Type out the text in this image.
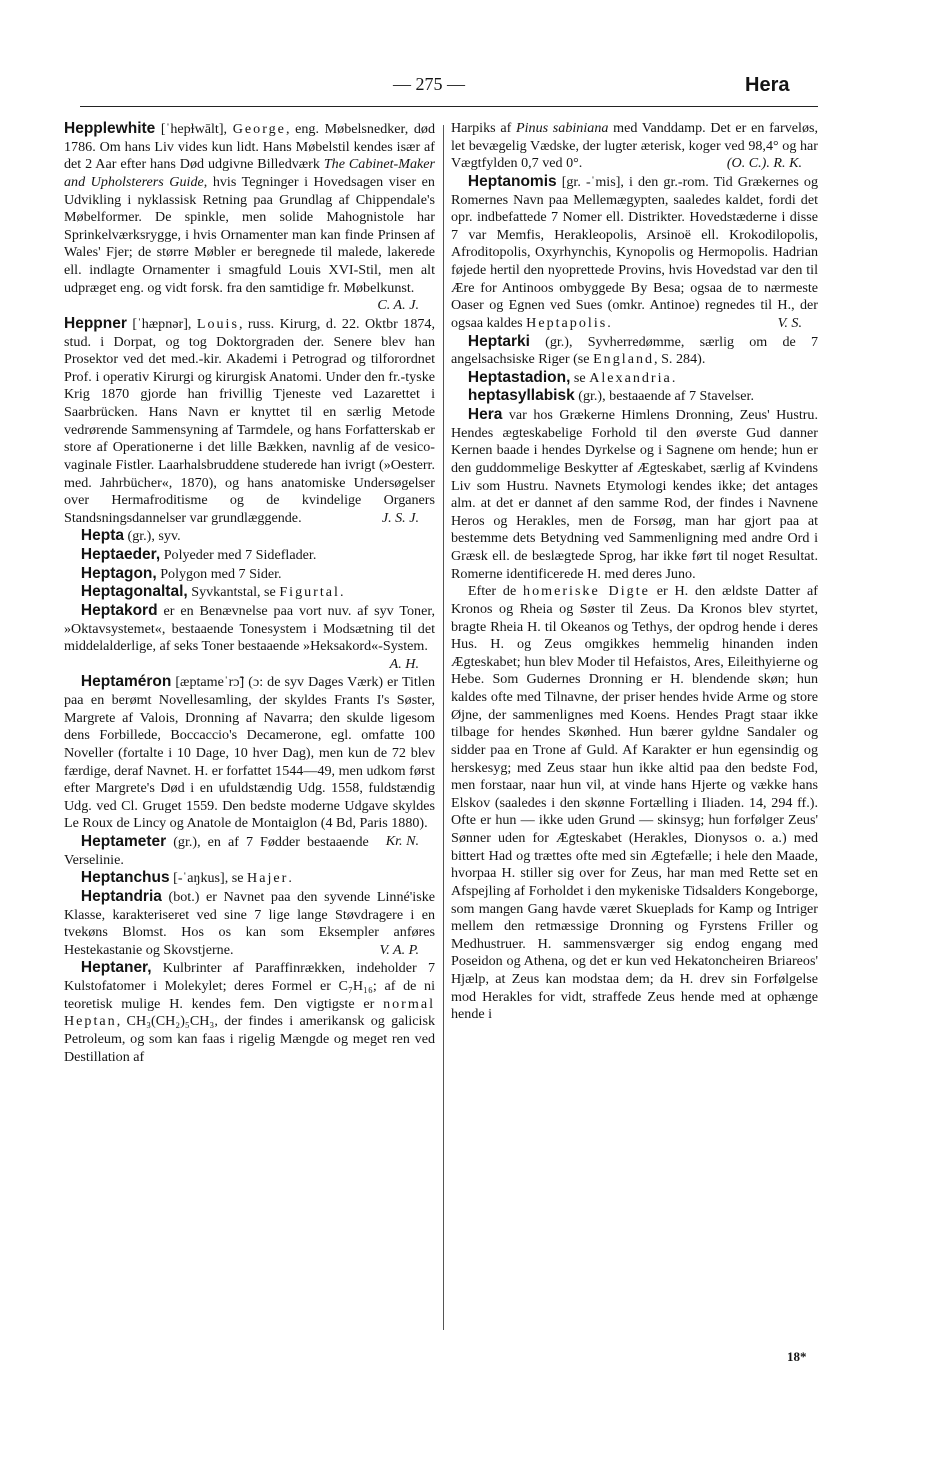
— 275 —	Hera

Hepplewhite [ˈhepɫwālt], George, eng. Møbelsnedker, død 1786. Om hans Liv vides kun lidt. Hans Møbelstil kendes især af det 2 Aar efter hans Død udgivne Billedværk The Cabinet-Maker and Upholsterers Guide, hvis Tegninger i Hovedsagen viser en Udvikling i nyklassisk Retning paa Grundlag af Chippendale's Møbelformer. De spinkle, men solide Mahognistole har Sprinkelværksrygge, i hvis Ornamenter man kan finde Prinsen af Wales' Fjer; de større Møbler er beregnede til malede, lakerede ell. indlagte Ornamenter i smagfuld Louis XVI-Stil, men alt udpræget eng. og vidt forsk. fra den samtidige fr. Møbelkunst.
C. A. J.

Heppner [ˈhæpnər], Louis, russ. Kirurg, d. 22. Oktbr 1874, stud. i Dorpat, og tog Doktorgraden der. Senere blev han Prosektor ved det med.-kir. Akademi i Petrograd og tilforordnet Prof. i operativ Kirurgi og kirurgisk Anatomi. Under den fr.-tyske Krig 1870 gjorde han frivillig Tjeneste ved Lazarettet i Saarbrücken. Hans Navn er knyttet til en særlig Metode vedrørende Sammensyning af Tarmdele, og hans Forfatterskab er store af Operationerne i det lille Bækken, navnlig af de vesico-vaginale Fistler. Laarhalsbruddene studerede han ivrigt (»Oesterr. med. Jahrbücher«, 1870), og hans anatomiske Undersøgelser over Hermafroditisme og de kvindelige Organers Standsningsdannelser var grundlæggende.	J. S. J.

Hepta (gr.), syv.

Heptaeder, Polyeder med 7 Sideflader.

Heptagon, Polygon med 7 Sider.

Heptagonaltal, Syvkantstal, se Figurtal.

Heptakord er en Benævnelse paa vort nuv. af syv Toner, »Oktavsystemet«, bestaaende Tonesystem i Modsætning til det middelalderlige, af seks Toner bestaaende »Heksakord«-System.
A. H.

Heptaméron [æptameˈrɔ̃] (ɔ: de syv Dages Værk) er Titlen paa en berømt Novellesamling, der skyldes Frants I's Søster, Margrete af Valois, Dronning af Navarra; den skulde ligesom dens Forbillede, Boccaccio's Decamerone, egl. omfatte 100 Noveller (fortalte i 10 Dage, 10 hver Dag), men kun de 72 blev færdige, deraf Navnet. H. er forfattet 1544—49, men udkom først efter Margrete's Død i en ufuldstændig Udg. 1558, fuldstændig Udg. ved Cl. Gruget 1559. Den bedste moderne Udgave skyldes Le Roux de Lincy og Anatole de Montaiglon (4 Bd, Paris 1880).
Kr. N.

Heptameter (gr.), en af 7 Fødder bestaaende Verselinie.

Heptanchus [-ˈaŋkus], se Hajer.

Heptandria (bot.) er Navnet paa den syvende Linné'iske Klasse, karakteriseret ved sine 7 lige lange Støvdragere i en tvekøns Blomst. Hos os kan som Eksempler anføres Hestekastanie og Skovstjerne.	V. A. P.

Heptaner, Kulbrinter af Paraffinrækken, indeholder 7 Kulstofatomer i Molekylet; deres Formel er C₇H₁₆; af de ni teoretisk mulige H. kendes fem. Den vigtigste er normal Heptan, CH₃(CH₂)₅CH₃, der findes i amerikansk og galicisk Petroleum, og som kan faas i rigelig Mængde og meget ren ved Destillation af

Harpiks af Pinus sabiniana med Vanddamp. Det er en farveløs, let bevægelig Vædske, der lugter æterisk, koger ved 98,4° og har Vægtfylden 0,7 ved 0°.	(O. C.). R. K.

Heptanomis [gr. -ˈmis], i den gr.-rom. Tid Grækernes og Romernes Navn paa Mellemægypten, saaledes kaldet, fordi det opr. indbefattede 7 Nomer ell. Distrikter. Hovedstæderne i disse 7 var Memfis, Herakleopolis, Arsinoë ell. Krokodilopolis, Afroditopolis, Oxyrhynchis, Kynopolis og Hermopolis. Hadrian føjede hertil den nyoprettede Provins, hvis Hovedstad var den til Ære for Antinoos ombyggede By Besa; ogsaa de to nærmeste Oaser og Egnen ved Sues (omkr. Antinoe) regnedes til H., der ogsaa kaldes Heptapolis.	V. S.

Heptarki (gr.), Syvherredømme, særlig om de 7 angelsachsiske Riger (se England, S. 284).

Heptastadion, se Alexandria.

heptasyllabisk (gr.), bestaaende af 7 Stavelser.

Hera var hos Grækerne Himlens Dronning, Zeus' Hustru. Hendes ægteskabelige Forhold til den øverste Gud danner Kernen baade i hendes Dyrkelse og i Sagnene om hende; hun er den guddommelige Beskytter af Ægteskabet, særlig af Kvindens Liv som Hustru. Navnets Etymologi kendes ikke; det antages alm. at det er dannet af den samme Rod, der findes i Navnene Heros og Herakles, men de Forsøg, man har gjort paa at bestemme dets Betydning ved Sammenligning med andre Ord i Græsk ell. de beslægtede Sprog, har ikke ført til noget Resultat. Romerne identificerede H. med deres Juno.

Efter de homeriske Digte er H. den ældste Datter af Kronos og Rheia og Søster til Zeus. Da Kronos blev styrtet, bragte Rheia H. til Okeanos og Tethys, der opdrog hende i deres Hus. H. og Zeus omgikkes hemmelig hinanden inden Ægteskabet; hun blev Moder til Hefaistos, Ares, Eileithyierne og Hebe. Som Gudernes Dronning er H. blendende skøn; hun kaldes ofte med Tilnavne, der priser hendes hvide Arme og store Øjne, der sammenlignes med Koens. Hendes Pragt staar ikke tilbage for hendes Skønhed. Hun bærer gyldne Sandaler og sidder paa en Trone af Guld. Af Karakter er hun egensindig og herskesyg; med Zeus staar hun ikke altid paa den bedste Fod, men forstaar, naar hun vil, at vinde hans Hjerte og vække hans Elskov (saaledes i den skønne Fortælling i Iliaden. 14, 294 ff.). Ofte er hun — ikke uden Grund — skinsyg; hun forfølger Zeus' Sønner uden for Ægteskabet (Herakles, Dionysos o. a.) med bittert Had og trættes ofte med sin Ægtefælle; i hele den Maade, hvorpaa H. stiller sig over for Zeus, har man med Rette set en Afspejling af Forholdet i den mykeniske Tidsalders Kongeborge, som mangen Gang havde været Skueplads for Kamp og Intriger mellem den retmæssige Dronning og Fyrstens Friller og Medhustruer. H. sammensværger sig endog engang med Poseidon og Athena, og det er kun ved Hekatoncheiren Briareos' Hjælp, at Zeus kan modstaa dem; da H. drev sin Forfølgelse mod Herakles for vidt, straffede Zeus hende med at ophænge hende i

18*
